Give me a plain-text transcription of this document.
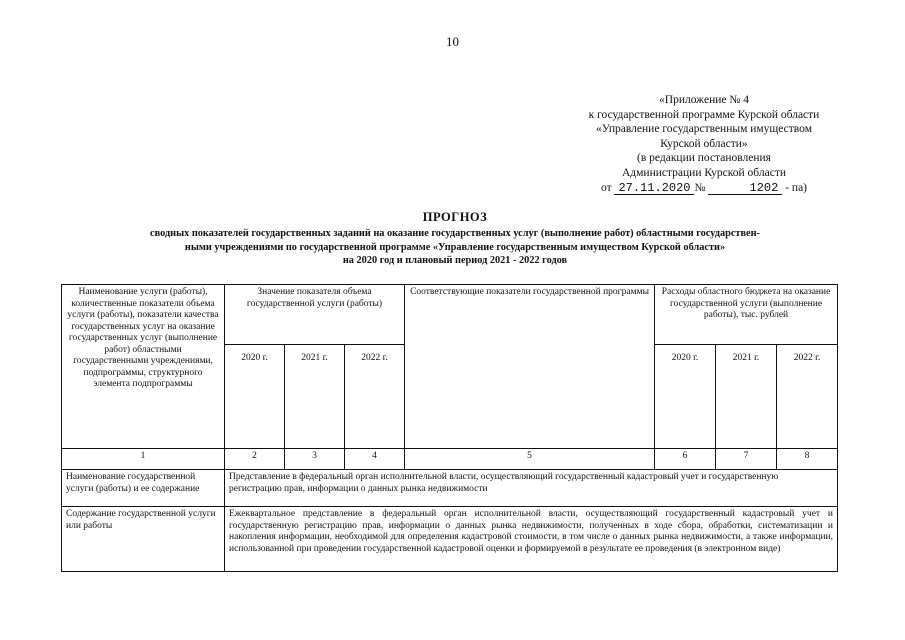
10
«Приложение № 4
к государственной программе Курской области
«Управление государственным имуществом
Курской области»
(в редакции постановления
Администрации Курской области
от 27.11.2020 №	1202 - па)
ПРОГНОЗ
сводных показателей государственных заданий на оказание государственных услуг (выполнение работ) областными государствен-
ными учреждениями по государственной программе «Управление государственным имуществом Курской области»
на 2020 год и плановый период 2021 - 2022 годов
Наименование услуги (работы), количественные показатели объема услуги (работы), показатели качества государственных услуг на оказание государственных услуг (выполнение работ) областными государственными учреждениями, подпрограммы, структурного элемента подпрограммы	Значение показателя объема государственной услуги (работы)			Соответствующие показатели государственной программы	Расходы областного бюджета на оказание государственной услуги (выполнение работы), тыс. рублей		
	2020 г.	2021 г.	2022 г.		2020 г.	2021 г.	2022 г.
1	2	3	4	5	6	7	8
Наименование государственной услуги (работы) и ее содержание	Представление в федеральный орган исполнительной власти, осуществляющий государственный кадастровый учет и государственную регистрацию прав, информации о данных рынка недвижимости						
Содержание государственной услуги или работы	Ежеквартальное представление в федеральный орган исполнительной власти, осуществляющий государственный кадастровый учет и государственную регистрацию прав, информации о данных рынка недвижимости, полученных в ходе сбора, обработки, систематизации и накопления информации, необходимой для определения кадастровой стоимости, в том числе о данных рынка недвижимости, а также информации, использованной при проведении государственной кадастровой оценки и формируемой в результате ее проведения (в электронном виде)						
